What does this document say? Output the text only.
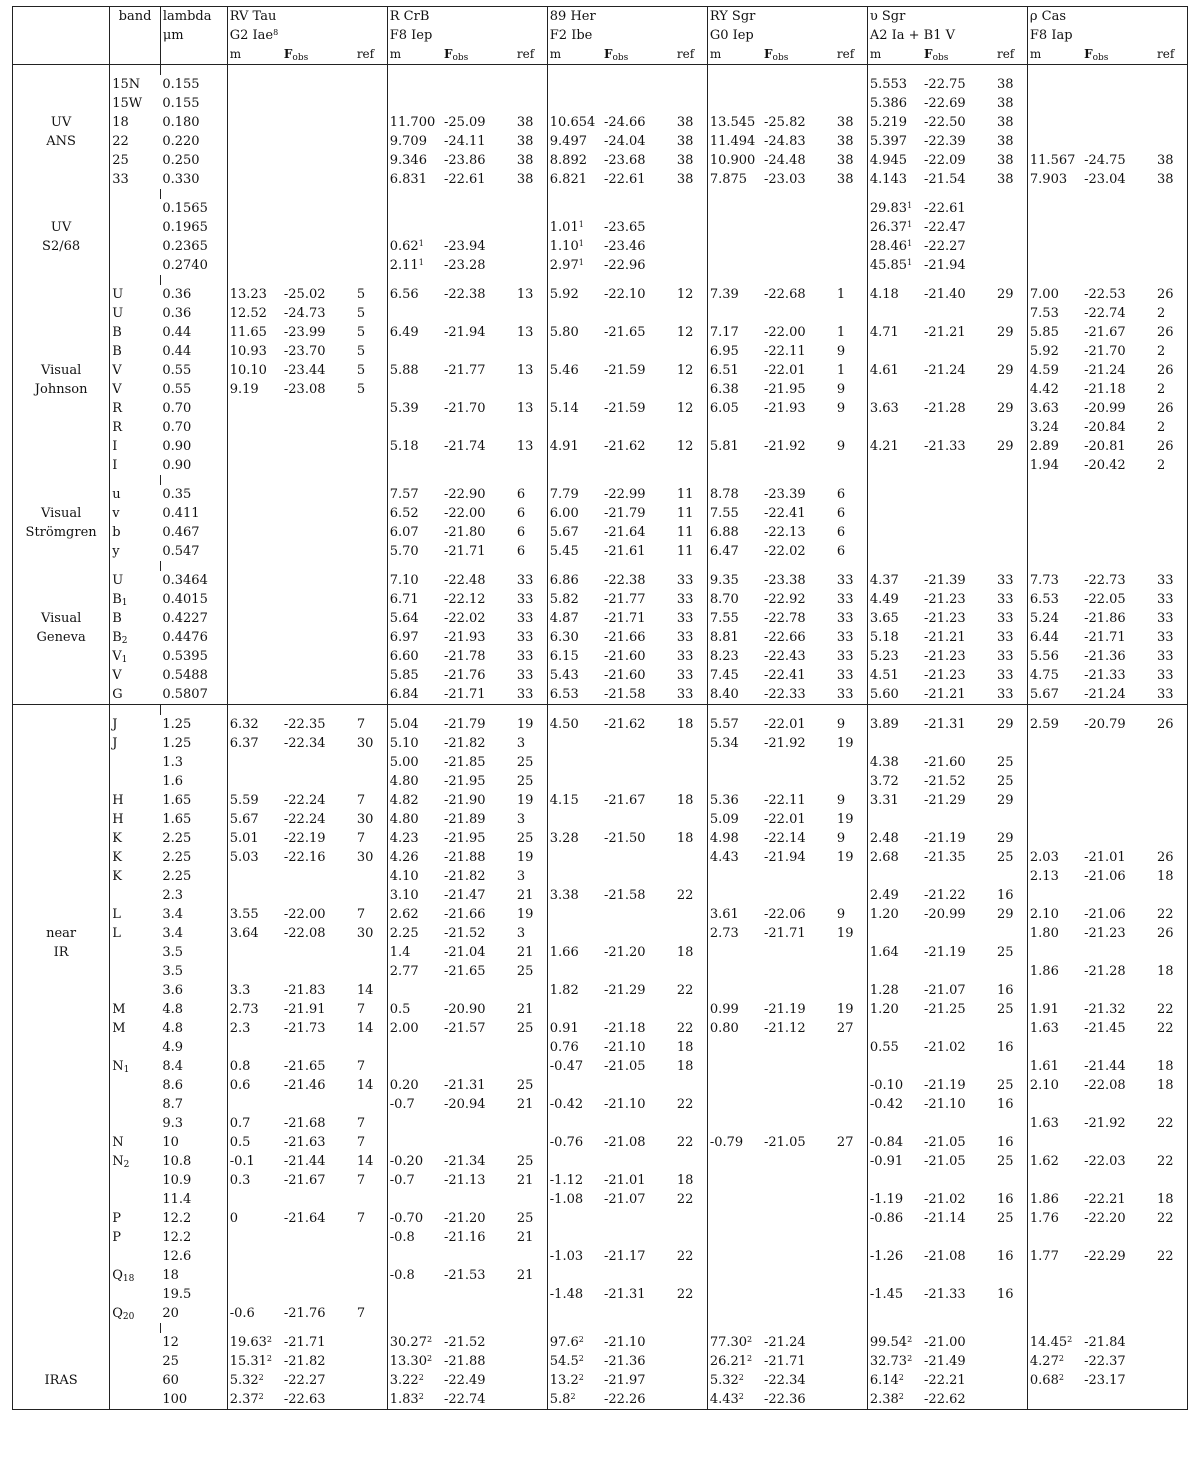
	band	lambda	RV Tau			R CrB			89 Her			RY Sgr			υ Sgr			ρ Cas		
		μm	G2 Iae$^8$			F8 Iep			F2 Ibe			G0 Iep			A2 Ia + B1 V			F8 Iap		
			m	$F_{obs}$	ref	m	$F_{obs}$	ref	m	$F_{obs}$	ref	m	$F_{obs}$	ref	m	$F_{obs}$	ref	m	$F_{obs}$	ref

	15N	0.155													5.553	-22.75	38			
	15W	0.155													5.386	-22.69	38			
UV	18	0.180				11.700	-25.09	38	10.654	-24.66	38	13.545	-25.82	38	5.219	-22.50	38			
ANS	22	0.220				9.709	-24.11	38	9.497	-24.04	38	11.494	-24.83	38	5.397	-22.39	38			
	25	0.250				9.346	-23.86	38	8.892	-23.68	38	10.900	-24.48	38	4.945	-22.09	38	11.567	-24.75	38
	33	0.330				6.831	-22.61	38	6.821	-22.61	38	7.875	-23.03	38	4.143	-21.54	38	7.903	-23.04	38

		0.1565													29.83$^1$	-22.61				
UV		0.1965							1.01$^1$	-23.65					26.37$^1$	-22.47				
S2/68		0.2365				0.62$^1$	-23.94		1.10$^1$	-23.46					28.46$^1$	-22.27				
		0.2740				2.11$^1$	-23.28		2.97$^1$	-22.96					45.85$^1$	-21.94				

	U	0.36	13.23	-25.02	5	6.56	-22.38	13	5.92	-22.10	12	7.39	-22.68	1	4.18	-21.40	29	7.00	-22.53	26
	U	0.36	12.52	-24.73	5													7.53	-22.74	2
	B	0.44	11.65	-23.99	5	6.49	-21.94	13	5.80	-21.65	12	7.17	-22.00	1	4.71	-21.21	29	5.85	-21.67	26
	B	0.44	10.93	-23.70	5							6.95	-22.11	9				5.92	-21.70	2
Visual	V	0.55	10.10	-23.44	5	5.88	-21.77	13	5.46	-21.59	12	6.51	-22.01	1	4.61	-21.24	29	4.59	-21.24	26
Johnson	V	0.55	9.19	-23.08	5							6.38	-21.95	9				4.42	-21.18	2
	R	0.70				5.39	-21.70	13	5.14	-21.59	12	6.05	-21.93	9	3.63	-21.28	29	3.63	-20.99	26
	R	0.70																3.24	-20.84	2
	I	0.90				5.18	-21.74	13	4.91	-21.62	12	5.81	-21.92	9	4.21	-21.33	29	2.89	-20.81	26
	I	0.90																1.94	-20.42	2

	u	0.35				7.57	-22.90	6	7.79	-22.99	11	8.78	-23.39	6						
Visual	v	0.411				6.52	-22.00	6	6.00	-21.79	11	7.55	-22.41	6						
Strömgren	b	0.467				6.07	-21.80	6	5.67	-21.64	11	6.88	-22.13	6						
	y	0.547				5.70	-21.71	6	5.45	-21.61	11	6.47	-22.02	6						

	U	0.3464				7.10	-22.48	33	6.86	-22.38	33	9.35	-23.38	33	4.37	-21.39	33	7.73	-22.73	33
	$B_1$	0.4015				6.71	-22.12	33	5.82	-21.77	33	8.70	-22.92	33	4.49	-21.23	33	6.53	-22.05	33
Visual	B	0.4227				5.64	-22.02	33	4.87	-21.71	33	7.55	-22.78	33	3.65	-21.23	33	5.24	-21.86	33
Geneva	$B_2$	0.4476				6.97	-21.93	33	6.30	-21.66	33	8.81	-22.66	33	5.18	-21.21	33	6.44	-21.71	33
	$V_1$	0.5395				6.60	-21.78	33	6.15	-21.60	33	8.23	-22.43	33	5.23	-21.23	33	5.56	-21.36	33
	V	0.5488				5.85	-21.76	33	5.43	-21.60	33	7.45	-22.41	33	4.51	-21.23	33	4.75	-21.33	33
	G	0.5807				6.84	-21.71	33	6.53	-21.58	33	8.40	-22.33	33	5.60	-21.21	33	5.67	-21.24	33

	J	1.25	6.32	-22.35	7	5.04	-21.79	19	4.50	-21.62	18	5.57	-22.01	9	3.89	-21.31	29	2.59	-20.79	26
	J	1.25	6.37	-22.34	30	5.10	-21.82	3				5.34	-21.92	19						
		1.3				5.00	-21.85	25							4.38	-21.60	25			
		1.6				4.80	-21.95	25							3.72	-21.52	25			
	H	1.65	5.59	-22.24	7	4.82	-21.90	19	4.15	-21.67	18	5.36	-22.11	9	3.31	-21.29	29			
	H	1.65	5.67	-22.24	30	4.80	-21.89	3				5.09	-22.01	19						
	K	2.25	5.01	-22.19	7	4.23	-21.95	25	3.28	-21.50	18	4.98	-22.14	9	2.48	-21.19	29			
	K	2.25	5.03	-22.16	30	4.26	-21.88	19				4.43	-21.94	19	2.68	-21.35	25	2.03	-21.01	26
	K	2.25				4.10	-21.82	3										2.13	-21.06	18
		2.3				3.10	-21.47	21	3.38	-21.58	22				2.49	-21.22	16			
	L	3.4	3.55	-22.00	7	2.62	-21.66	19				3.61	-22.06	9	1.20	-20.99	29	2.10	-21.06	22
near	L	3.4	3.64	-22.08	30	2.25	-21.52	3				2.73	-21.71	19				1.80	-21.23	26
IR		3.5				1.4	-21.04	21	1.66	-21.20	18				1.64	-21.19	25			
		3.5				2.77	-21.65	25										1.86	-21.28	18
		3.6	3.3	-21.83	14				1.82	-21.29	22				1.28	-21.07	16			
	M	4.8	2.73	-21.91	7	0.5	-20.90	21				0.99	-21.19	19	1.20	-21.25	25	1.91	-21.32	22
	M	4.8	2.3	-21.73	14	2.00	-21.57	25	0.91	-21.18	22	0.80	-21.12	27				1.63	-21.45	22
		4.9							0.76	-21.10	18				0.55	-21.02	16			
	$N_1$	8.4	0.8	-21.65	7				-0.47	-21.05	18							1.61	-21.44	18
		8.6	0.6	-21.46	14	0.20	-21.31	25							-0.10	-21.19	25	2.10	-22.08	18
		8.7				-0.7	-20.94	21	-0.42	-21.10	22				-0.42	-21.10	16			
		9.3	0.7	-21.68	7													1.63	-21.92	22
	N	10	0.5	-21.63	7				-0.76	-21.08	22	-0.79	-21.05	27	-0.84	-21.05	16			
	$N_2$	10.8	-0.1	-21.44	14	-0.20	-21.34	25							-0.91	-21.05	25	1.62	-22.03	22
		10.9	0.3	-21.67	7	-0.7	-21.13	21	-1.12	-21.01	18									
		11.4							-1.08	-21.07	22				-1.19	-21.02	16	1.86	-22.21	18
	P	12.2	0	-21.64	7	-0.70	-21.20	25							-0.86	-21.14	25	1.76	-22.20	22
	P	12.2				-0.8	-21.16	21												
		12.6							-1.03	-21.17	22				-1.26	-21.08	16	1.77	-22.29	22
	$Q_{18}$	18				-0.8	-21.53	21												
		19.5							-1.48	-21.31	22				-1.45	-21.33	16			
	$Q_{20}$	20	-0.6	-21.76	7															

		12	19.63$^2$	-21.71		30.27$^2$	-21.52		97.6$^2$	-21.10		77.30$^2$	-21.24		99.54$^2$	-21.00		14.45$^2$	-21.84	
		25	15.31$^2$	-21.82		13.30$^2$	-21.88		54.5$^2$	-21.36		26.21$^2$	-21.71		32.73$^2$	-21.49		4.27$^2$	-22.37	
IRAS		60	5.32$^2$	-22.27		3.22$^2$	-22.49		13.2$^2$	-21.97		5.32$^2$	-22.34		6.14$^2$	-22.21		0.68$^2$	-23.17	
		100	2.37$^2$	-22.63		1.83$^2$	-22.74		$5.8^2$	-22.26		4.43$^2$	-22.36		2.38$^2$	-22.62				
